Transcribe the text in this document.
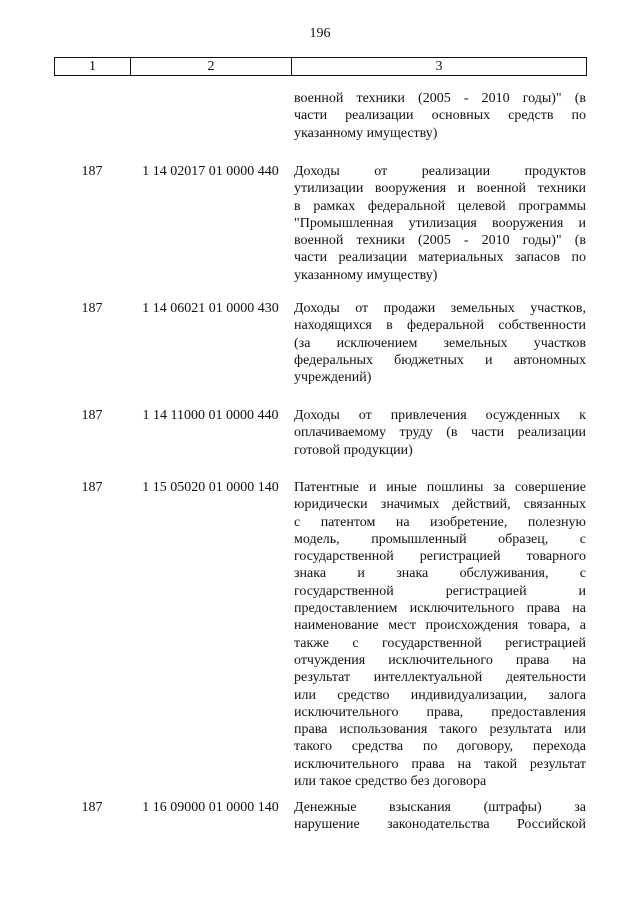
196
1	2	3
военной техники (2005 - 2010 годы)" (в
части реализации основных средств по
указанному имуществу)
187	1 14 02017 01 0000 440	Доходы от реализации продуктов
утилизации вооружения и военной техники
в рамках федеральной целевой программы
"Промышленная утилизация вооружения и
военной техники (2005 - 2010 годы)" (в
части реализации материальных запасов по
указанному имуществу)
187	1 14 06021 01 0000 430	Доходы от продажи земельных участков,
находящихся в федеральной собственности
(за исключением земельных участков
федеральных бюджетных и автономных
учреждений)
187	1 14 11000 01 0000 440	Доходы от привлечения осужденных к
оплачиваемому труду (в части реализации
готовой продукции)
187	1 15 05020 01 0000 140	Патентные и иные пошлины за совершение
юридически значимых действий, связанных
с патентом на изобретение, полезную
модель, промышленный образец, с
государственной регистрацией товарного
знака и знака обслуживания, с
государственной регистрацией и
предоставлением исключительного права на
наименование мест происхождения товара, а
также с государственной регистрацией
отчуждения исключительного права на
результат интеллектуальной деятельности
или средство индивидуализации, залога
исключительного права, предоставления
права использования такого результата или
такого средства по договору, перехода
исключительного права на такой результат
или такое средство без договора
187	1 16 09000 01 0000 140	Денежные взыскания (штрафы) за
нарушение законодательства Российской
